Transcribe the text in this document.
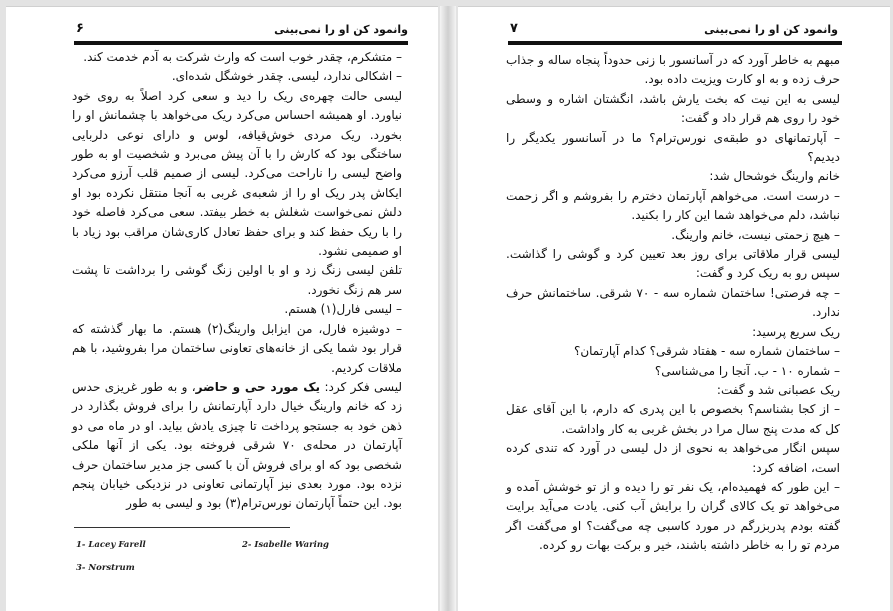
وانمود کن او را نمی‌بینی
۶

– متشکرم، چقدر خوب است که وارث شرکت به آدم خدمت کند.

– اشکالی ندارد، لیسی. چقدر خوشگل شده‌ای.

لیسی حالت چهره‌ی ریک را دید و سعی کرد اصلاً به روی خود نیاورد. او همیشه احساس می‌کرد ریک می‌خواهد با چشمانش او را بخورد. ریک مردی خوش‌قیافه، لوس و دارای نوعی دلربایی ساختگی بود که کارش را با آن پیش می‌برد و شخصیت او به طور واضح لیسی را ناراحت می‌کرد. لیسی از صمیم قلب آرزو می‌کرد ایکاش پدر ریک او را از شعبه‌ی غربی به آنجا منتقل نکرده بود او دلش نمی‌خواست شغلش به خطر بیفتد. سعی می‌کرد فاصله خود را با ریک حفظ کند و برای حفظ تعادل کاری‌شان مراقب بود زیاد با او صمیمی نشود.

تلفن لیسی زنگ زد و او با اولین زنگ گوشی را برداشت تا پشت سر هم زنگ نخورد.

– لیسی فارل(۱) هستم.

– دوشیزه فارل، من ایزابل وارینگ(۲) هستم. ما بهار گذشته که قرار بود شما یکی از خانه‌های تعاونی ساختمان مرا بفروشید، با هم ملاقات کردیم.

لیسی فکر کرد: یک مورد حی و حاضر، و به طور غریزی حدس زد که خانم وارینگ خیال دارد آپارتمانش را برای فروش بگذارد در ذهن خود به جستجو پرداخت تا چیزی یادش بیاید. او در ماه می دو آپارتمان در محله‌ی ۷۰ شرقی فروخته بود. یکی از آنها ملکی شخصی بود که او برای فروش آن با کسی جز مدیر ساختمان حرف نزده بود. مورد بعدی نیز آپارتمانی تعاونی در نزدیکی خیابان پنجم بود. این حتماً آپارتمان نورس‌ترام(۳) بود و لیسی به طور

1- Lacey Farell	2- Isabelle Waring
3- Norstrum
وانمود کن او را نمی‌بینی
۷

مبهم به خاطر آورد که در آسانسور با زنی حدوداً پنجاه ساله و جذاب حرف زده و به او کارت ویزیت داده بود.

لیسی به این نیت که بخت یارش باشد، انگشتان اشاره و وسطی خود را روی هم قرار داد و گفت:

– آپارتمانهای دو طبقه‌ی نورس‌ترام؟ ما در آسانسور یکدیگر را دیدیم؟

خانم وارینگ خوشحال شد:

– درست است. می‌خواهم آپارتمان دخترم را بفروشم و اگر زحمت نباشد، دلم می‌خواهد شما این کار را بکنید.

– هیچ زحمتی نیست، خانم وارینگ.

لیسی قرار ملاقاتی برای روز بعد تعیین کرد و گوشی را گذاشت. سپس رو به ریک کرد و گفت:

– چه فرصتی! ساختمان شماره سه - ۷۰ شرقی. ساختمانش حرف ندارد.

ریک سریع پرسید:

– ساختمان شماره سه - هفتاد شرقی؟ کدام آپارتمان؟

– شماره ۱۰ - ب. آنجا را می‌شناسی؟

ریک عصبانی شد و گفت:

– از کجا بشناسم؟ بخصوص با این پدری که دارم، با این آقای عقل کل که مدت پنج سال مرا در بخش غربی به کار واداشت.

سپس انگار می‌خواهد به نحوی از دل لیسی در آورد که تندی کرده است، اضافه کرد:

– این طور که فهمیده‌ام، یک نفر تو را دیده و از تو خوشش آمده و می‌خواهد تو یک کالای گران را برایش آب کنی. یادت می‌آید برایت گفته بودم پدربزرگم در مورد کاسبی چه می‌گفت؟ او می‌گفت اگر مردم تو را به خاطر داشته باشند، خیر و برکت بهات رو کرده.
